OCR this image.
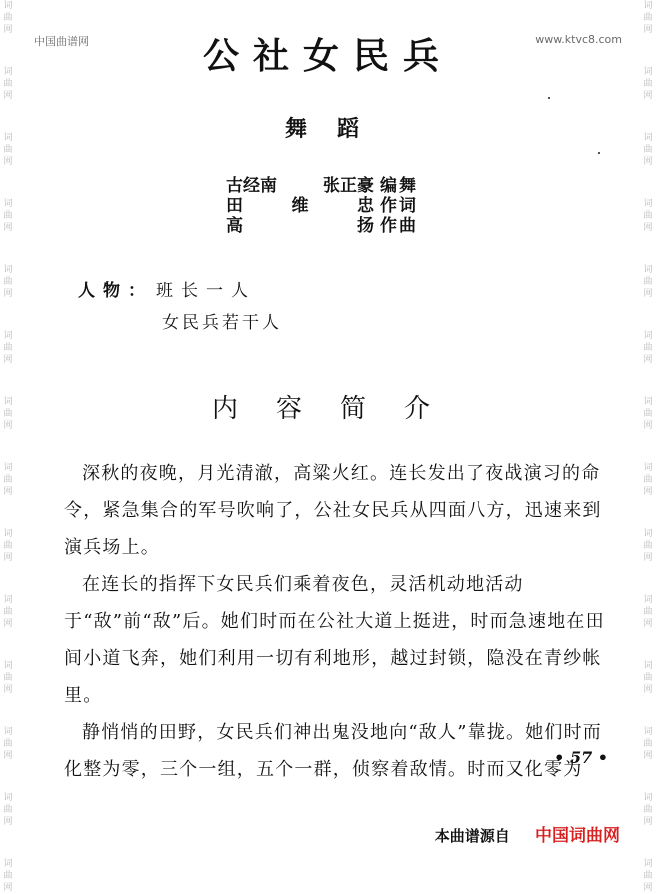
中国曲谱网	www.ktvc8.com
词
曲
网
词
曲
网
词
曲
网
词
曲
网
词
曲
网
词
曲
网
词
曲
网
词
曲
网
词
曲
网
词
曲
网
词
曲
网
词
曲
网
词
曲
网
词
曲
网
词
曲
网
词
曲
网
词
曲
网
词
曲
网
词
曲
网
词
曲
网
词
曲
网
词
曲
网
词
曲
网
词
曲
网
词
曲
网
词
曲
网
词
曲
网
词
曲
网
公社女民兵
舞蹈
古经南	张正豪 编舞
田	维	忠 作词
高	扬 作曲
人物： 班长一人
女民兵若干人
内容简介

深秋的夜晚，月光清澈，高粱火红。连长发出了夜战演习的命令，紧急集合的军号吹响了，公社女民兵从四面八方，迅速来到演兵场上。

在连长的指挥下女民兵们乘着夜色，灵活机动地活动于“敌”前“敌”后。她们时而在公社大道上挺进，时而急速地在田间小道飞奔，她们利用一切有利地形，越过封锁，隐没在青纱帐里。

静悄悄的田野，女民兵们神出鬼没地向“敌人”靠拢。她们时而化整为零，三个一组，五个一群，侦察着敌情。时而又化零为

• 57 •
本曲谱源自 中国词曲网
